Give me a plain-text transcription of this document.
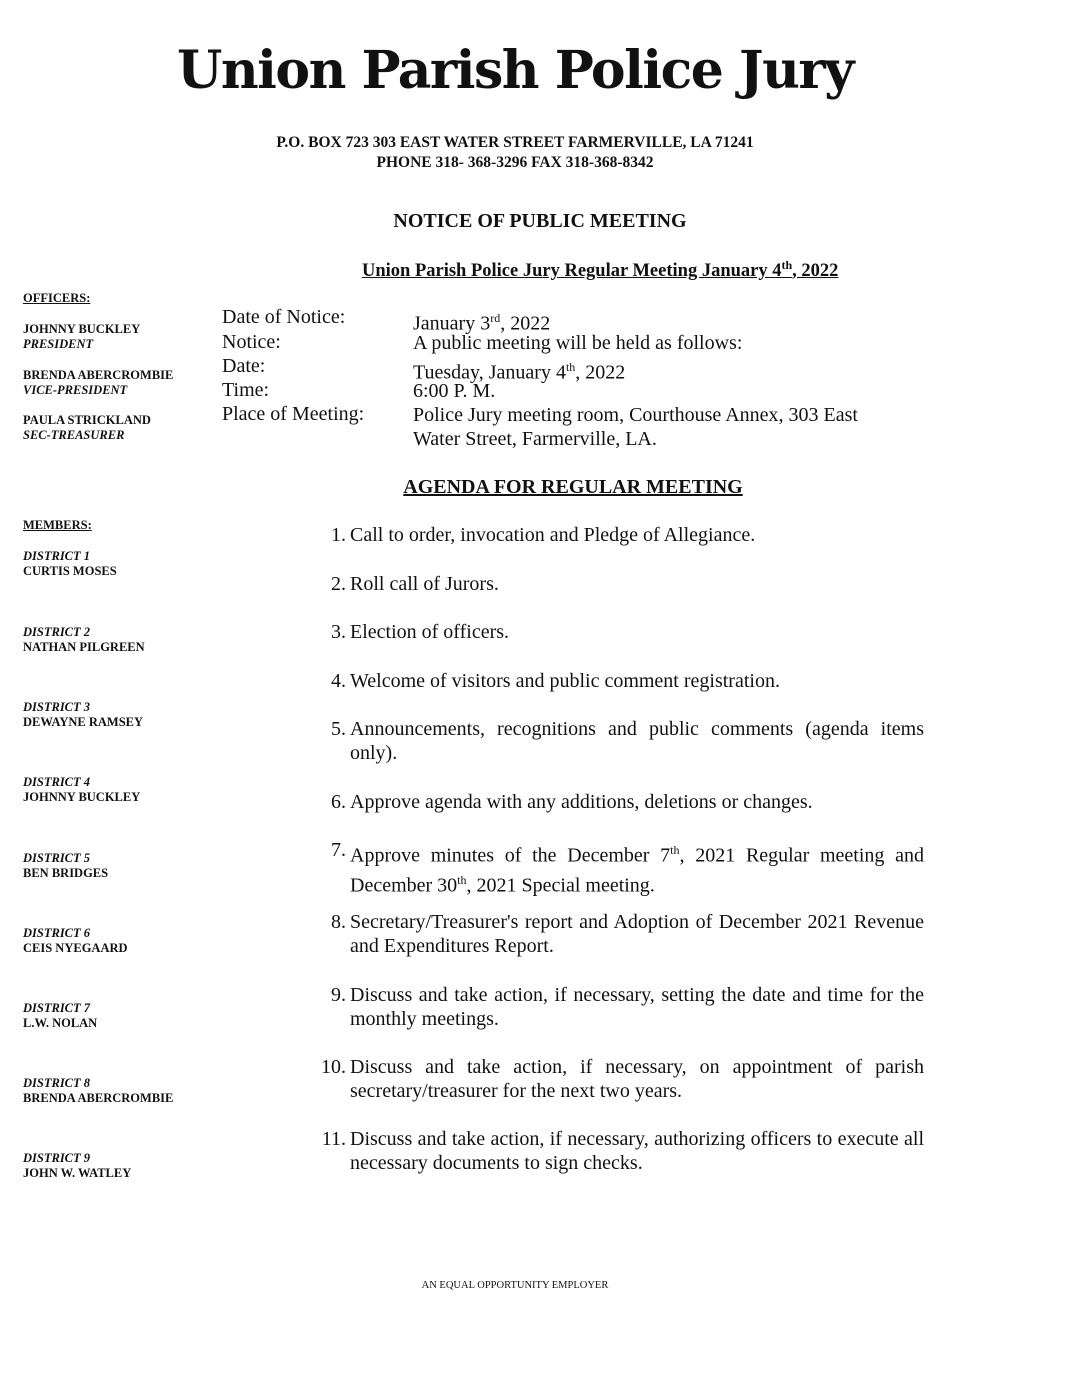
Union Parish Police Jury
P.O. BOX 723 303 EAST WATER STREET FARMERVILLE, LA 71241
PHONE 318- 368-3296 FAX 318-368-8342
NOTICE OF PUBLIC MEETING
Union Parish Police Jury Regular Meeting January 4th, 2022
OFFICERS:
JOHNNY BUCKLEY
PRESIDENT
BRENDA ABERCROMBIE
VICE-PRESIDENT
PAULA STRICKLAND
SEC-TREASURER
MEMBERS:
DISTRICT 1
CURTIS MOSES
DISTRICT 2
NATHAN PILGREEN
DISTRICT 3
DEWAYNE RAMSEY
DISTRICT 4
JOHNNY BUCKLEY
DISTRICT 5
BEN BRIDGES
DISTRICT 6
CEIS NYEGAARD
DISTRICT 7
L.W. NOLAN
DISTRICT 8
BRENDA ABERCROMBIE
DISTRICT 9
JOHN W. WATLEY
Date of Notice:	January 3rd, 2022
Notice:	A public meeting will be held as follows:
Date:	Tuesday, January 4th, 2022
Time:	6:00 P. M.
Place of Meeting: Police Jury meeting room, Courthouse Annex, 303 East
Water Street, Farmerville, LA.
AGENDA FOR REGULAR MEETING
1. Call to order, invocation and Pledge of Allegiance.
2. Roll call of Jurors.
3. Election of officers.
4. Welcome of visitors and public comment registration.
5. Announcements, recognitions and public comments (agenda items only).
6. Approve agenda with any additions, deletions or changes.
7. Approve minutes of the December 7th, 2021 Regular meeting and December 30th, 2021 Special meeting.
8. Secretary/Treasurer's report and Adoption of December 2021 Revenue and Expenditures Report.
9. Discuss and take action, if necessary, setting the date and time for the monthly meetings.
10. Discuss and take action, if necessary, on appointment of parish secretary/treasurer for the next two years.
11. Discuss and take action, if necessary, authorizing officers to execute all necessary documents to sign checks.
AN EQUAL OPPORTUNITY EMPLOYER
